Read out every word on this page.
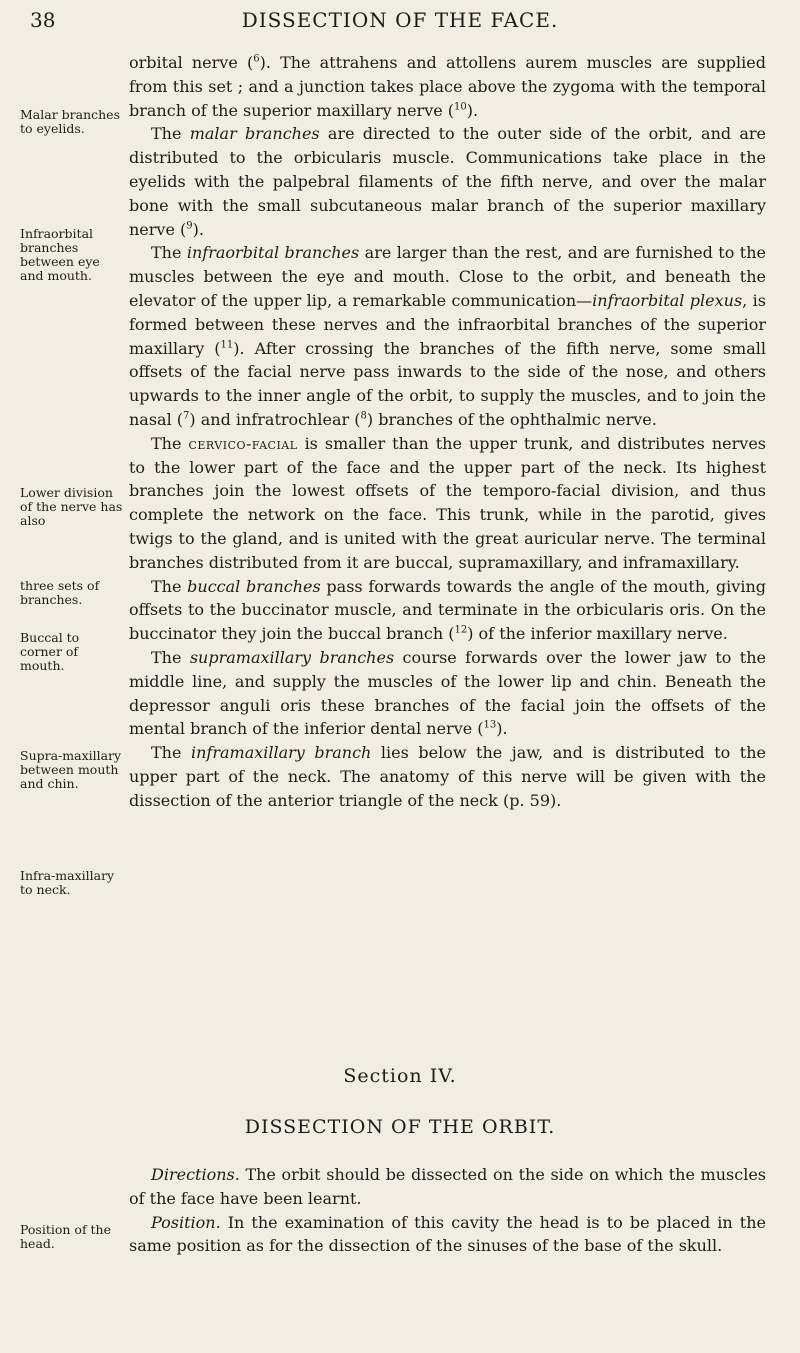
38	DISSECTION OF THE FACE.
Malar branches to eyelids.
Infraorbital branches between eye and mouth.
Lower division of the nerve has also
three sets of branches.
Buccal to corner of mouth.
Supra-maxillary between mouth and chin.
Infra-maxillary to neck.
Position of the head.

orbital nerve ($^6$). The attrahens and attollens aurem muscles are supplied from this set ; and a junction takes place above the zygoma with the temporal branch of the superior maxillary nerve ($^{10}$).

The malar branches are directed to the outer side of the orbit, and are distributed to the orbicularis muscle. Communications take place in the eyelids with the palpebral filaments of the fifth nerve, and over the malar bone with the small subcutaneous malar branch of the superior maxillary nerve ($^9$).

The infraorbital branches are larger than the rest, and are furnished to the muscles between the eye and mouth. Close to the orbit, and beneath the elevator of the upper lip, a remarkable communication—infraorbital plexus, is formed between these nerves and the infraorbital branches of the superior maxillary ($^{11}$). After crossing the branches of the fifth nerve, some small offsets of the facial nerve pass inwards to the side of the nose, and others upwards to the inner angle of the orbit, to supply the muscles, and to join the nasal ($^7$) and infratrochlear ($^8$) branches of the ophthalmic nerve.

The cervico-facial is smaller than the upper trunk, and distributes nerves to the lower part of the face and the upper part of the neck. Its highest branches join the lowest offsets of the temporo-facial division, and thus complete the network on the face. This trunk, while in the parotid, gives twigs to the gland, and is united with the great auricular nerve. The terminal branches distributed from it are buccal, supramaxillary, and inframaxillary.

The buccal branches pass forwards towards the angle of the mouth, giving offsets to the buccinator muscle, and terminate in the orbicularis oris. On the buccinator they join the buccal branch ($^{12}$) of the inferior maxillary nerve.

The supramaxillary branches course forwards over the lower jaw to the middle line, and supply the muscles of the lower lip and chin. Beneath the depressor anguli oris these branches of the facial join the offsets of the mental branch of the inferior dental nerve ($^{13}$).

The inframaxillary branch lies below the jaw, and is distributed to the upper part of the neck. The anatomy of this nerve will be given with the dissection of the anterior triangle of the neck (p. 59).

Section IV.
DISSECTION OF THE ORBIT.

Directions. The orbit should be dissected on the side on which the muscles of the face have been learnt.

Position. In the examination of this cavity the head is to be placed in the same position as for the dissection of the sinuses of the base of the skull.
